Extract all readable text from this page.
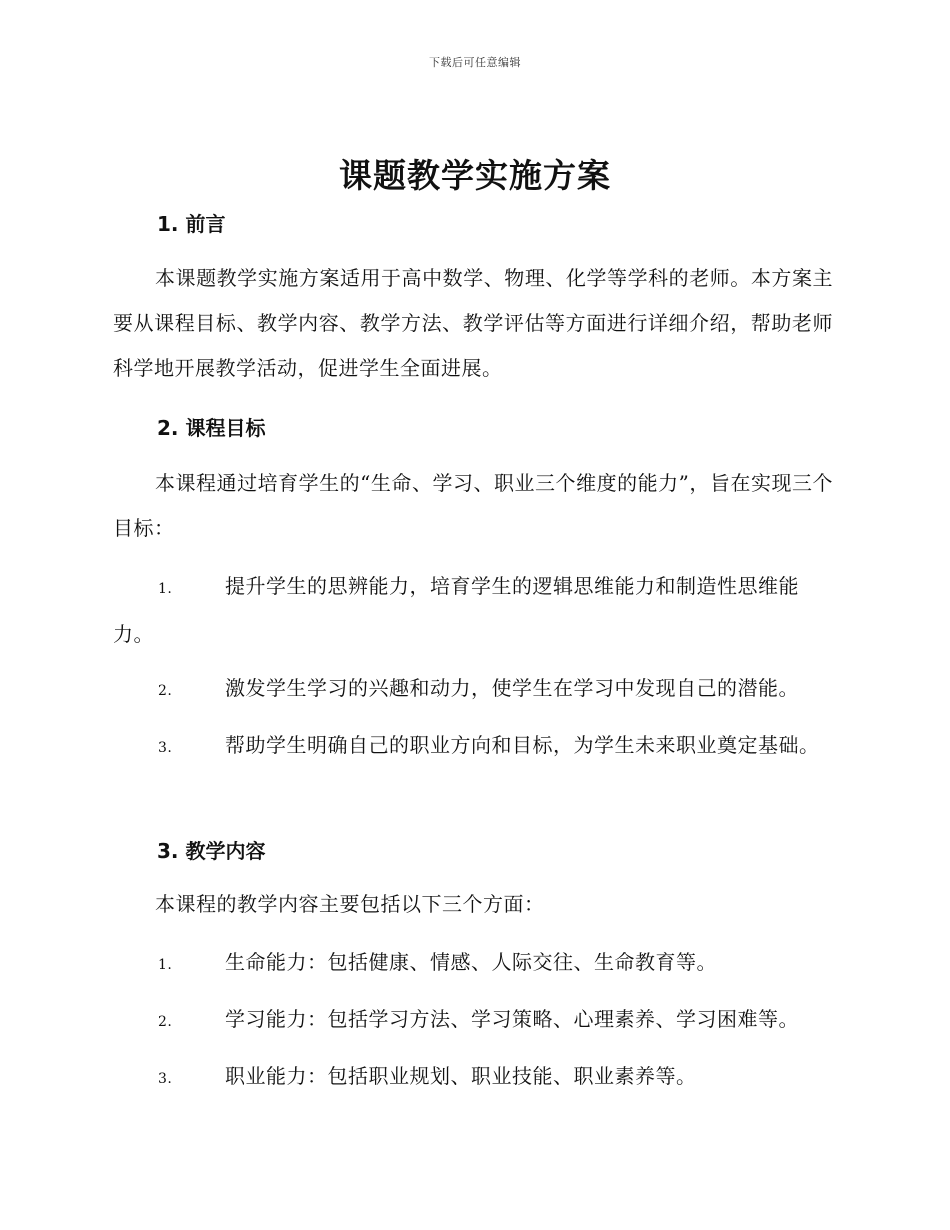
下载后可任意编辑
课题教学实施方案
1. 前言
本课题教学实施方案适用于高中数学、物理、化学等学科的老师。本方案主要从课程目标、教学内容、教学方法、教学评估等方面进行详细介绍，帮助老师科学地开展教学活动，促进学生全面进展。
2. 课程目标
本课程通过培育学生的“生命、学习、职业三个维度的能力”，旨在实现三个目标：
1.	提升学生的思辨能力，培育学生的逻辑思维能力和制造性思维能力。
2.	激发学生学习的兴趣和动力，使学生在学习中发现自己的潜能。
3.	帮助学生明确自己的职业方向和目标，为学生未来职业奠定基础。
3. 教学内容
本课程的教学内容主要包括以下三个方面：
1.	生命能力：包括健康、情感、人际交往、生命教育等。
2.	学习能力：包括学习方法、学习策略、心理素养、学习困难等。
3.	职业能力：包括职业规划、职业技能、职业素养等。
